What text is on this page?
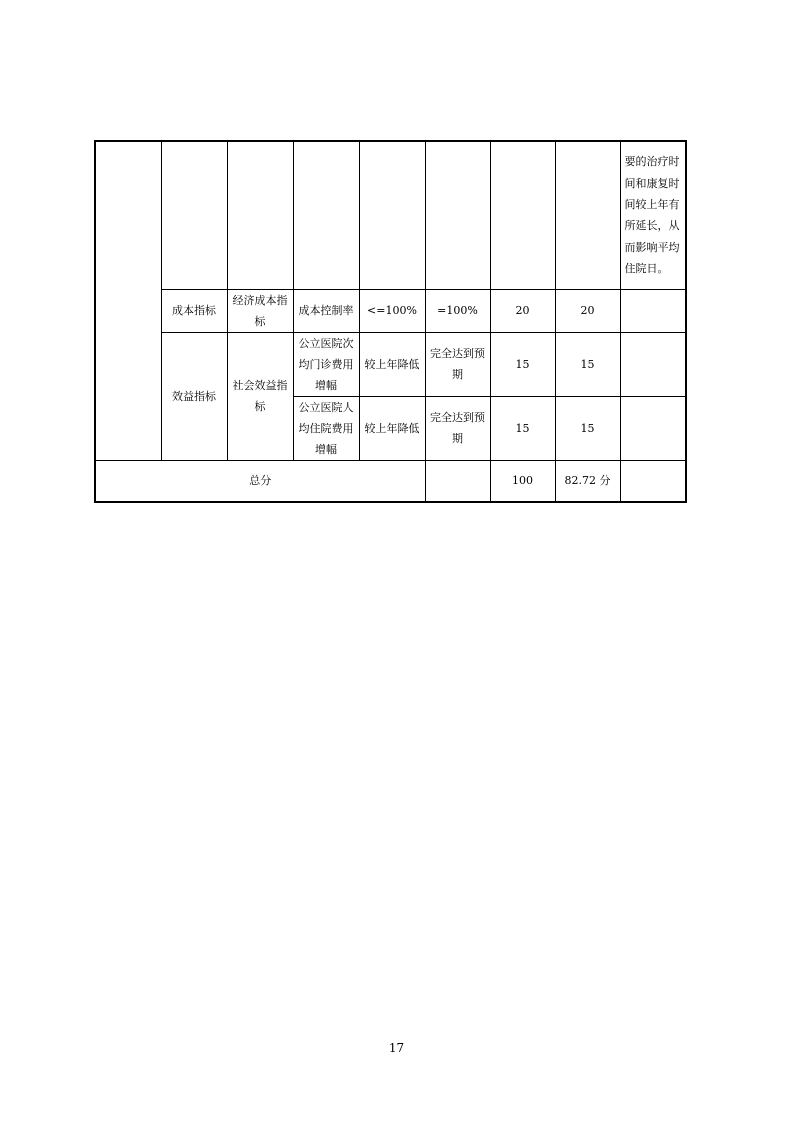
								要的治疗时间和康复时间较上年有所延长，从而影响平均住院日。
	成本指标	经济成本指标	成本控制率	<=100%	=100%	20	20	
	效益指标	社会效益指标	公立医院次均门诊费用增幅	较上年降低	完全达到预期	15	15	
			公立医院人均住院费用增幅	较上年降低	完全达到预期	15	15	
总分						100	82.72 分	
17
